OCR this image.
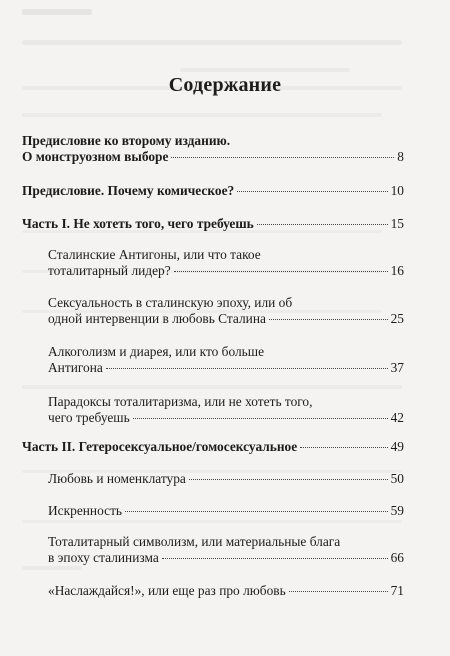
Содержание
Предисловие ко второму изданию.
О монструозном выборе	8
Предисловие. Почему комическое?	10
Часть I. Не хотеть того, чего требуешь	15
Сталинские Антигоны, или что такое
тоталитарный лидер?	16
Сексуальность в сталинскую эпоху, или об
одной интервенции в любовь Сталина	25
Алкоголизм и диарея, или кто больше
Антигона	37
Парадоксы тоталитаризма, или не хотеть того,
чего требуешь	42
Часть II. Гетеросексуальное/гомосексуальное	49
Любовь и номенклатура	50
Искренность	59
Тоталитарный символизм, или материальные блага
в эпоху сталинизма	66
«Наслаждайся!», или еще раз про любовь	71
